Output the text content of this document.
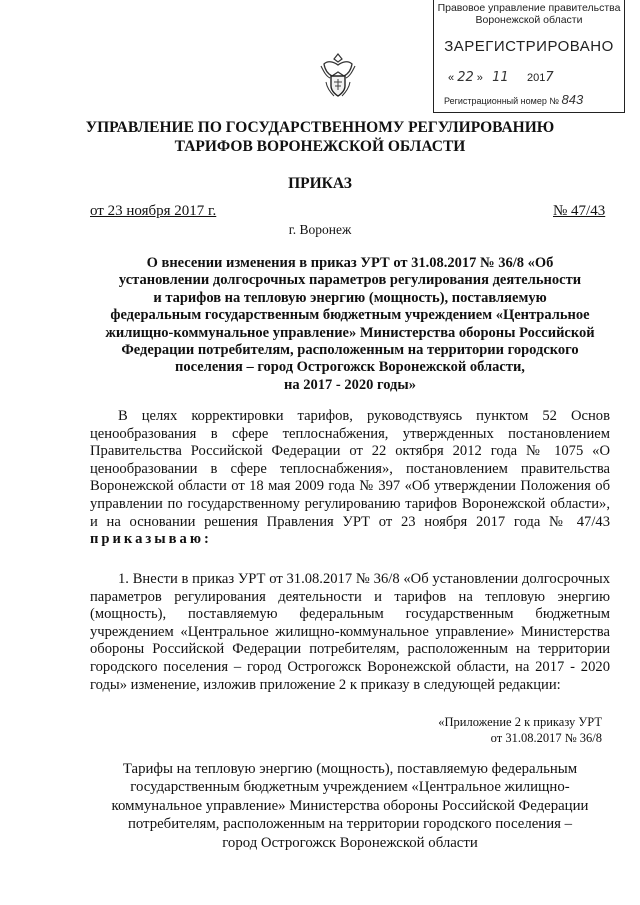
Правовое управление правительства
Воронежской области
ЗАРЕГИСТРИРОВАНО
« 22 » 11 2017
Регистрационный номер № 843
УПРАВЛЕНИЕ ПО ГОСУДАРСТВЕННОМУ РЕГУЛИРОВАНИЮ
ТАРИФОВ ВОРОНЕЖСКОЙ ОБЛАСТИ
ПРИКАЗ
от 23 ноября 2017 г.	№ 47/43
г. Воронеж
О внесении изменения в приказ УРТ от 31.08.2017 № 36/8 «Об
установлении долгосрочных параметров регулирования деятельности
и тарифов на тепловую энергию (мощность), поставляемую
федеральным государственным бюджетным учреждением «Центральное
жилищно-коммунальное управление» Министерства обороны Российской
Федерации потребителям, расположенным на территории городского
поселения – город Острогожск Воронежской области,
на 2017 - 2020 годы»
В целях корректировки тарифов, руководствуясь пунктом 52 Основ ценообразования в сфере теплоснабжения, утвержденных постановлением Правительства Российской Федерации от 22 октября 2012 года № 1075 «О ценообразовании в сфере теплоснабжения», постановлением правительства Воронежской области от 18 мая 2009 года № 397 «Об утверждении Положения об управлении по государственному регулированию тарифов Воронежской области», и на основании решения Правления УРТ от 23 ноября 2017 года № 47/43 приказываю:
1. Внести в приказ УРТ от 31.08.2017 № 36/8 «Об установлении долгосрочных параметров регулирования деятельности и тарифов на тепловую энергию (мощность), поставляемую федеральным государственным бюджетным учреждением «Центральное жилищно-коммунальное управление» Министерства обороны Российской Федерации потребителям, расположенным на территории городского поселения – город Острогожск Воронежской области, на 2017 - 2020 годы» изменение, изложив приложение 2 к приказу в следующей редакции:
«Приложение 2 к приказу УРТ
от 31.08.2017 № 36/8
Тарифы на тепловую энергию (мощность), поставляемую федеральным
государственным бюджетным учреждением «Центральное жилищно-
коммунальное управление» Министерства обороны Российской Федерации
потребителям, расположенным на территории городского поселения –
город Острогожск Воронежской области
